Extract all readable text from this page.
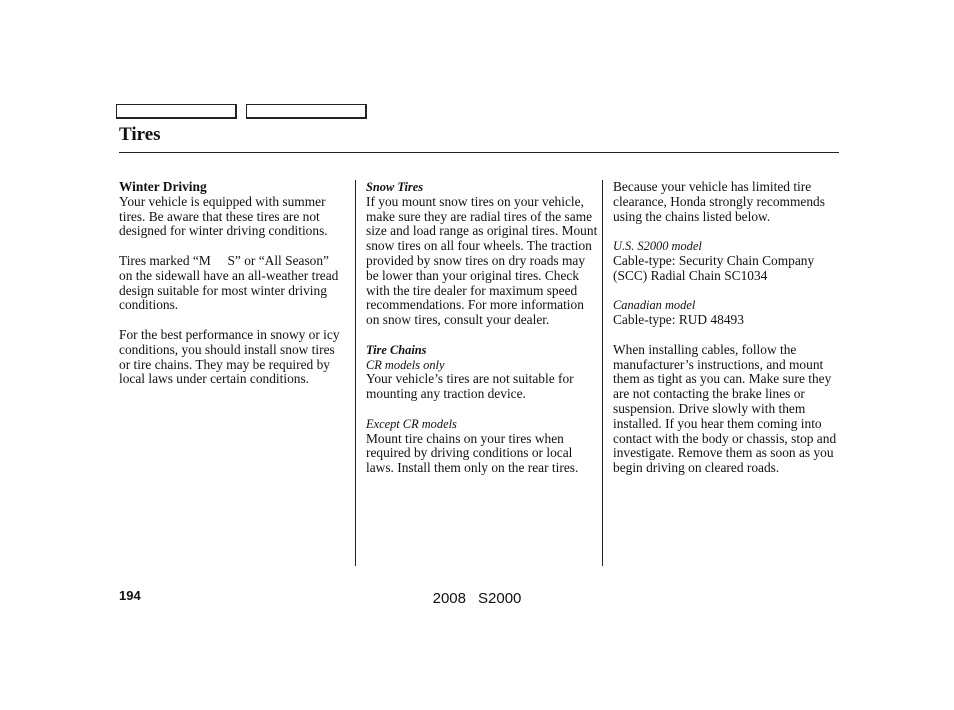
Tires

Winter Driving
Your vehicle is equipped with summer tires. Be aware that these tires are not designed for winter driving conditions.

Tires marked “M     S” or “All Season” on the sidewall have an all-weather tread design suitable for most winter driving conditions.

For the best performance in snowy or icy conditions, you should install snow tires or tire chains. They may be required by local laws under certain conditions.

Snow Tires
If you mount snow tires on your vehicle, make sure they are radial tires of the same size and load range as original tires. Mount snow tires on all four wheels. The traction provided by snow tires on dry roads may be lower than your original tires. Check with the tire dealer for maximum speed recommendations. For more information on snow tires, consult your dealer.

Tire Chains
CR models only
Your vehicle’s tires are not suitable for mounting any traction device.

Except CR models
Mount tire chains on your tires when required by driving conditions or local laws. Install them only on the rear tires.

Because your vehicle has limited tire clearance, Honda strongly recommends using the chains listed below.

U.S. S2000 model
Cable-type: Security Chain Company (SCC) Radial Chain SC1034

Canadian model
Cable-type: RUD 48493

When installing cables, follow the manufacturer’s instructions, and mount them as tight as you can. Make sure they are not contacting the brake lines or suspension. Drive slowly with them installed. If you hear them coming into contact with the body or chassis, stop and investigate. Remove them as soon as you begin driving on cleared roads.

194	2008 S2000
